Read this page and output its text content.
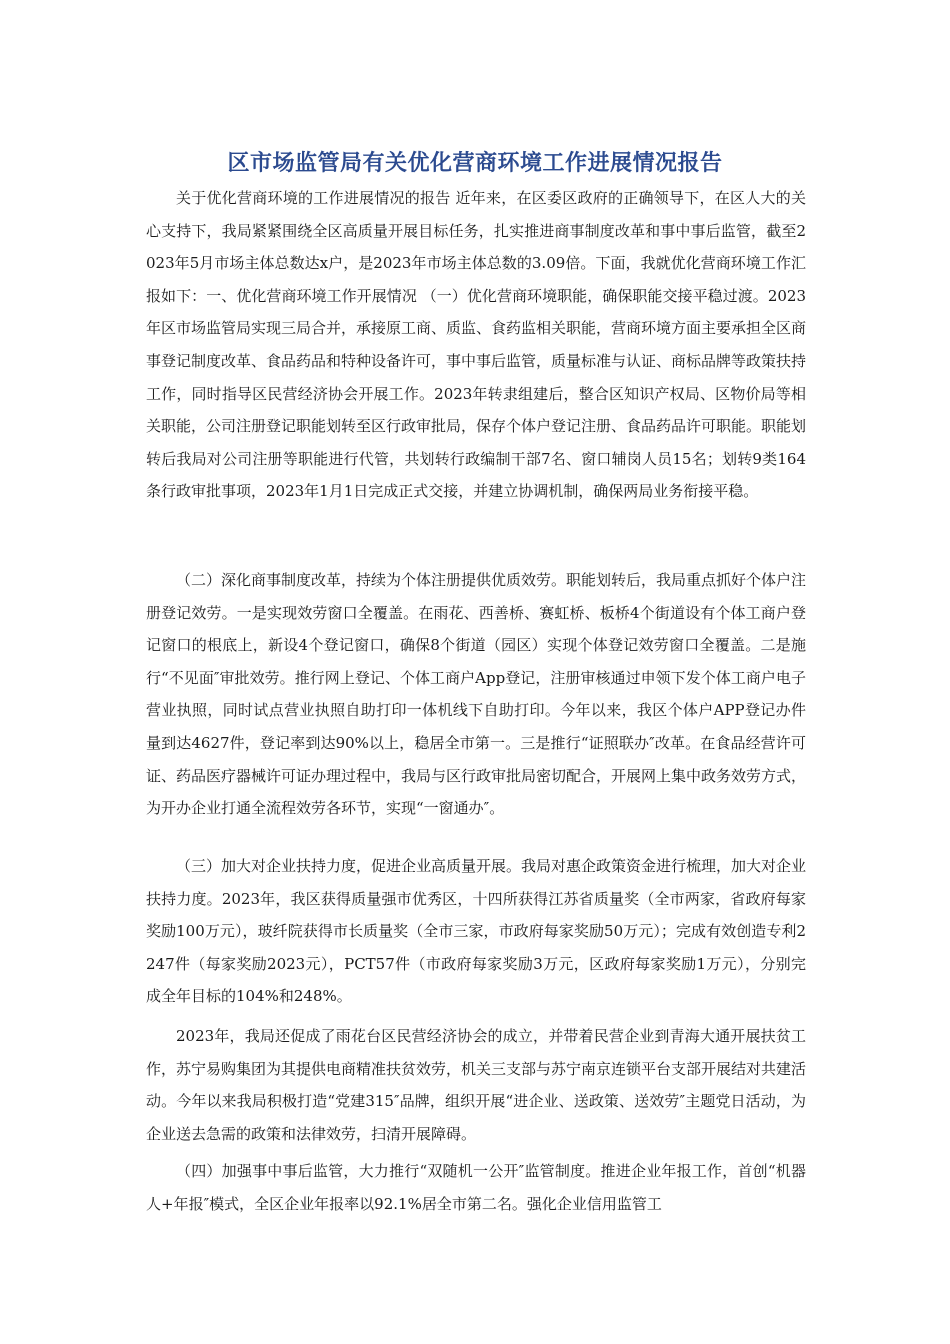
区市场监管局有关优化营商环境工作进展情况报告

关于优化营商环境的工作进展情况的报告 近年来，在区委区政府的正确领导下，在区人大的关心支持下，我局紧紧围绕全区高质量开展目标任务，扎实推进商事制度改革和事中事后监管，截至2023年5月市场主体总数达x户，是2023年市场主体总数的3.09倍。下面，我就优化营商环境工作汇报如下：一、优化营商环境工作开展情况 （一）优化营商环境职能，确保职能交接平稳过渡。2023年区市场监管局实现三局合并，承接原工商、质监、食药监相关职能，营商环境方面主要承担全区商事登记制度改革、食品药品和特种设备许可，事中事后监管，质量标准与认证、商标品牌等政策扶持工作，同时指导区民营经济协会开展工作。2023年转隶组建后，整合区知识产权局、区物价局等相关职能，公司注册登记职能划转至区行政审批局，保存个体户登记注册、食品药品许可职能。职能划转后我局对公司注册等职能进行代管，共划转行政编制干部7名、窗口辅岗人员15名；划转9类164条行政审批事项，2023年1月1日完成正式交接，并建立协调机制，确保两局业务衔接平稳。

（二）深化商事制度改革，持续为个体注册提供优质效劳。职能划转后，我局重点抓好个体户注册登记效劳。一是实现效劳窗口全覆盖。在雨花、西善桥、赛虹桥、板桥4个街道设有个体工商户登记窗口的根底上，新设4个登记窗口，确保8个街道（园区）实现个体登记效劳窗口全覆盖。二是施行“不见面″审批效劳。推行网上登记、个体工商户App登记，注册审核通过申领下发个体工商户电子营业执照，同时试点营业执照自助打印一体机线下自助打印。今年以来，我区个体户APP登记办件量到达4627件，登记率到达90%以上，稳居全市第一。三是推行“证照联办″改革。在食品经营许可证、药品医疗器械许可证办理过程中，我局与区行政审批局密切配合，开展网上集中政务效劳方式，为开办企业打通全流程效劳各环节，实现“一窗通办″。

（三）加大对企业扶持力度，促进企业高质量开展。我局对惠企政策资金进行梳理，加大对企业扶持力度。2023年，我区获得质量强市优秀区，十四所获得江苏省质量奖（全市两家，省政府每家奖励100万元），玻纤院获得市长质量奖（全市三家，市政府每家奖励50万元）；完成有效创造专利2247件（每家奖励2023元），PCT57件（市政府每家奖励3万元，区政府每家奖励1万元），分别完成全年目标的104%和248%。

2023年，我局还促成了雨花台区民营经济协会的成立，并带着民营企业到青海大通开展扶贫工作，苏宁易购集团为其提供电商精准扶贫效劳，机关三支部与苏宁南京连锁平台支部开展结对共建活动。今年以来我局积极打造“党建315″品牌，组织开展“进企业、送政策、送效劳″主题党日活动，为企业送去急需的政策和法律效劳，扫清开展障碍。

（四）加强事中事后监管，大力推行“双随机一公开″监管制度。推进企业年报工作，首创“机器人+年报″模式，全区企业年报率以92.1%居全市第二名。强化企业信用监管工
